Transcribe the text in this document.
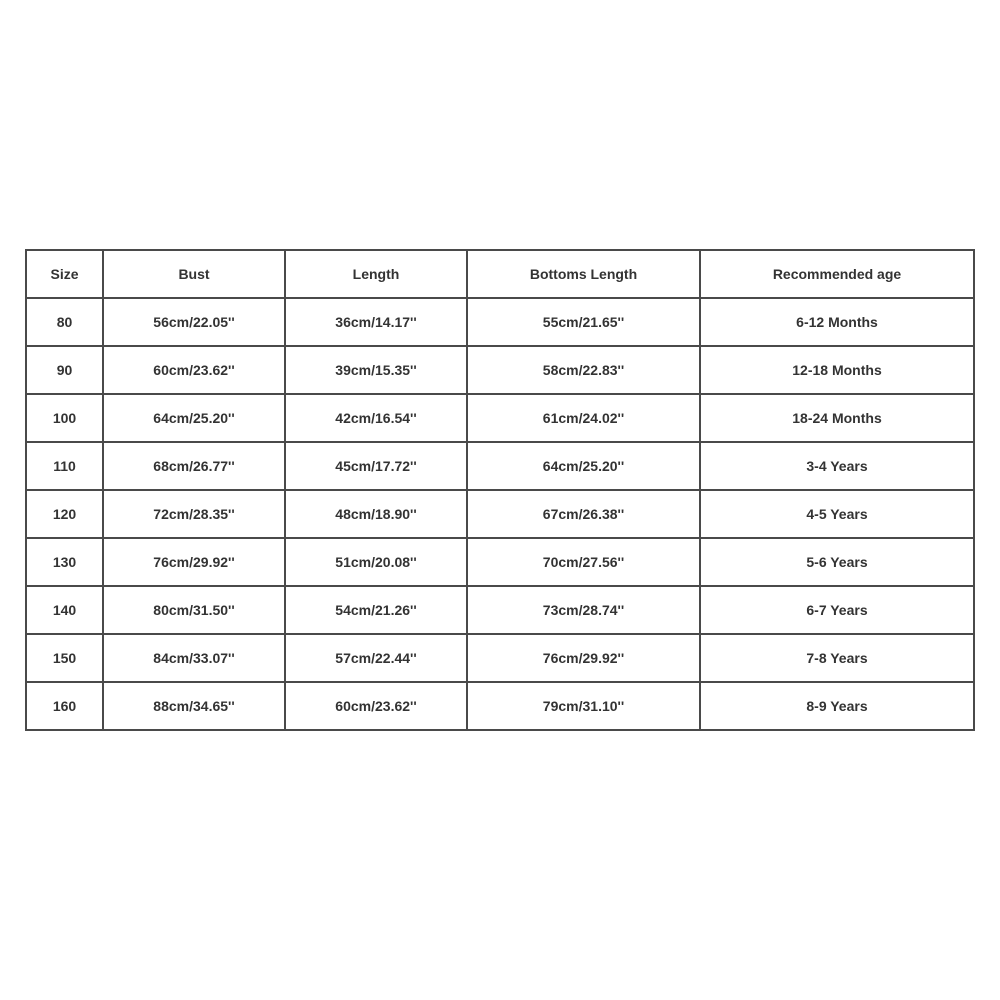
Size	Bust	Length	Bottoms Length	Recommended age
80	56cm/22.05''	36cm/14.17''	55cm/21.65''	6-12 Months
90	60cm/23.62''	39cm/15.35''	58cm/22.83''	12-18 Months
100	64cm/25.20''	42cm/16.54''	61cm/24.02''	18-24 Months
110	68cm/26.77''	45cm/17.72''	64cm/25.20''	3-4 Years
120	72cm/28.35''	48cm/18.90''	67cm/26.38''	4-5 Years
130	76cm/29.92''	51cm/20.08''	70cm/27.56''	5-6 Years
140	80cm/31.50''	54cm/21.26''	73cm/28.74''	6-7 Years
150	84cm/33.07''	57cm/22.44''	76cm/29.92''	7-8 Years
160	88cm/34.65''	60cm/23.62''	79cm/31.10''	8-9 Years
